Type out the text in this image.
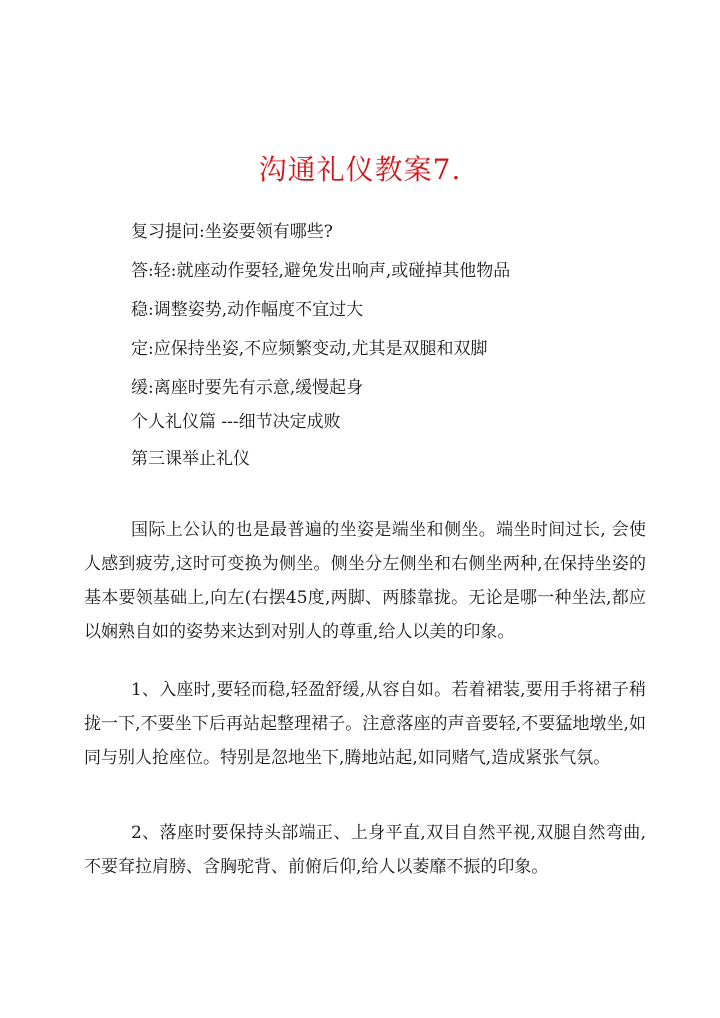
沟通礼仪教案7.
复习提问:坐姿要领有哪些?
答:轻:就座动作要轻,避免发出响声,或碰掉其他物品
稳:调整姿势,动作幅度不宜过大
定:应保持坐姿,不应频繁变动,尤其是双腿和双脚
缓:离座时要先有示意,缓慢起身
个人礼仪篇 ---细节决定成败
第三课举止礼仪
国际上公认的也是最普遍的坐姿是端坐和侧坐。端坐时间过长, 会使人感到疲劳,这时可变换为侧坐。侧坐分左侧坐和右侧坐两种,在保持坐姿的基本要领基础上,向左(右摆45度,两脚、两膝靠拢。无论是哪一种坐法,都应以娴熟自如的姿势来达到对别人的尊重,给人以美的印象。
1、入座时,要轻而稳,轻盈舒缓,从容自如。若着裙装,要用手将裙子稍拢一下,不要坐下后再站起整理裙子。注意落座的声音要轻,不要猛地墩坐,如同与别人抢座位。特别是忽地坐下,腾地站起,如同赌气,造成紧张气氛。
2、落座时要保持头部端正、上身平直,双目自然平视,双腿自然弯曲,不要耷拉肩膀、含胸驼背、前俯后仰,给人以萎靡不振的印象。
